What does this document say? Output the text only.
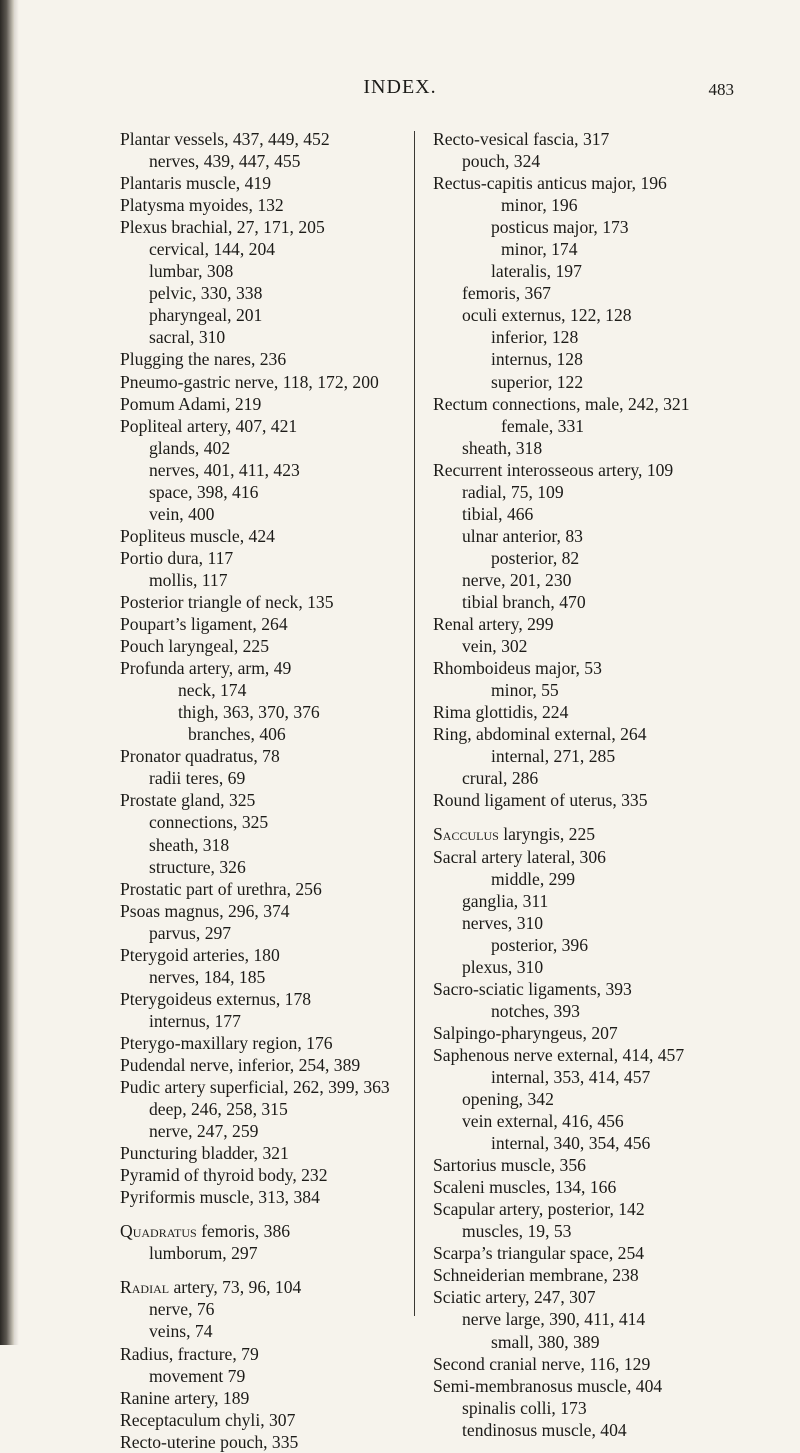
INDEX.	483
Plantar vessels, 437, 449, 452
nerves, 439, 447, 455
Plantaris muscle, 419
Platysma myoides, 132
Plexus brachial, 27, 171, 205
cervical, 144, 204
lumbar, 308
pelvic, 330, 338
pharyngeal, 201
sacral, 310
Plugging the nares, 236
Pneumo-gastric nerve, 118, 172, 200
Pomum Adami, 219
Popliteal artery, 407, 421
glands, 402
nerves, 401, 411, 423
space, 398, 416
vein, 400
Popliteus muscle, 424
Portio dura, 117
mollis, 117
Posterior triangle of neck, 135
Poupart’s ligament, 264
Pouch laryngeal, 225
Profunda artery, arm, 49
neck, 174
thigh, 363, 370, 376
branches, 406
Pronator quadratus, 78
radii teres, 69
Prostate gland, 325
connections, 325
sheath, 318
structure, 326
Prostatic part of urethra, 256
Psoas magnus, 296, 374
parvus, 297
Pterygoid arteries, 180
nerves, 184, 185
Pterygoideus externus, 178
internus, 177
Pterygo-maxillary region, 176
Pudendal nerve, inferior, 254, 389
Pudic artery superficial, 262, 399, 363
deep, 246, 258, 315
nerve, 247, 259
Puncturing bladder, 321
Pyramid of thyroid body, 232
Pyriformis muscle, 313, 384
Quadratus femoris, 386
lumborum, 297
Radial artery, 73, 96, 104
nerve, 76
veins, 74
Radius, fracture, 79
movement 79
Ranine artery, 189
Receptaculum chyli, 307
Recto-uterine pouch, 335
Recto-vesical fascia, 317
pouch, 324
Rectus-capitis anticus major, 196
minor, 196
posticus major, 173
minor, 174
lateralis, 197
femoris, 367
oculi externus, 122, 128
inferior, 128
internus, 128
superior, 122
Rectum connections, male, 242, 321
female, 331
sheath, 318
Recurrent interosseous artery, 109
radial, 75, 109
tibial, 466
ulnar anterior, 83
posterior, 82
nerve, 201, 230
tibial branch, 470
Renal artery, 299
vein, 302
Rhomboideus major, 53
minor, 55
Rima glottidis, 224
Ring, abdominal external, 264
internal, 271, 285
crural, 286
Round ligament of uterus, 335
Sacculus laryngis, 225
Sacral artery lateral, 306
middle, 299
ganglia, 311
nerves, 310
posterior, 396
plexus, 310
Sacro-sciatic ligaments, 393
notches, 393
Salpingo-pharyngeus, 207
Saphenous nerve external, 414, 457
internal, 353, 414, 457
opening, 342
vein external, 416, 456
internal, 340, 354, 456
Sartorius muscle, 356
Scaleni muscles, 134, 166
Scapular artery, posterior, 142
muscles, 19, 53
Scarpa’s triangular space, 254
Schneiderian membrane, 238
Sciatic artery, 247, 307
nerve large, 390, 411, 414
small, 380, 389
Second cranial nerve, 116, 129
Semi-membranosus muscle, 404
spinalis colli, 173
tendinosus muscle, 404
